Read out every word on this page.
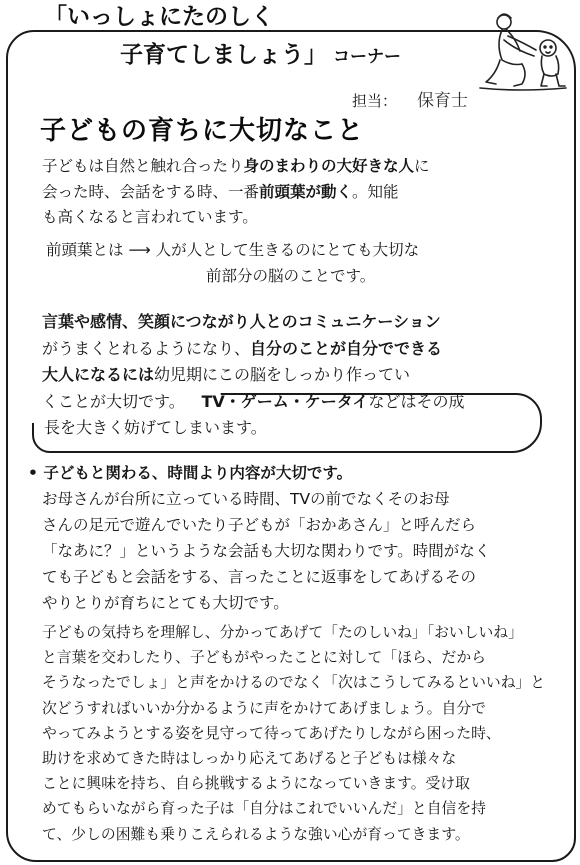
「いっしょにたのしく
子育てしましょう」 コーナー
担当： 保育士
子どもの育ちに大切なこと
子どもは自然と触れ合ったり身のまわりの大好きな人に
会った時、会話をする時、一番前頭葉が動く。知能
も高くなると言われています。
前頭葉とは ⟶ 人が人として生きるのにとても大切な
前部分の脳のことです。
言葉や感情、笑顔につながり人とのコミュニケーション
がうまくとれるようになり、自分のことが自分でできる
大人になるには幼児期にこの脳をしっかり作ってい
くことが大切です。 TV・ゲーム・ケータイなどはその成
長を大きく妨げてしまいます。
• 子どもと関わる、時間より内容が大切です。
お母さんが台所に立っている時間、TVの前でなくそのお母
さんの足元で遊んでいたり子どもが「おかあさん」と呼んだら
「なあに？」というような会話も大切な関わりです。時間がなく
ても子どもと会話をする、言ったことに返事をしてあげるその
やりとりが育ちにとても大切です。
子どもの気持ちを理解し、分かってあげて「たのしいね」「おいしいね」
と言葉を交わしたり、子どもがやったことに対して「ほら、だから
そうなったでしょ」と声をかけるのでなく「次はこうしてみるといいね」と
次どうすればいいか分かるように声をかけてあげましょう。自分で
やってみようとする姿を見守って待ってあげたりしながら困った時、
助けを求めてきた時はしっかり応えてあげると子どもは様々な
ことに興味を持ち、自ら挑戦するようになっていきます。受け取
めてもらいながら育った子は「自分はこれでいいんだ」と自信を持
て、少しの困難も乗りこえられるような強い心が育ってきます。
